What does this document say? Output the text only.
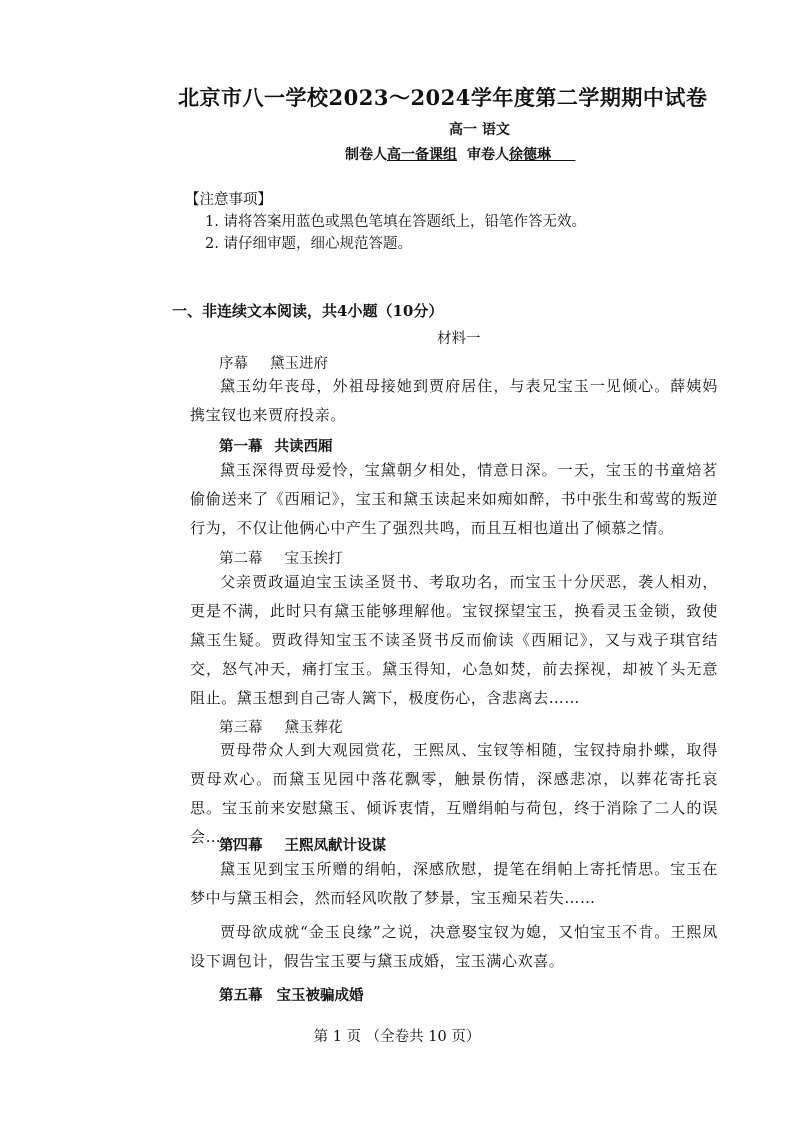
北京市八一学校2023～2024学年度第二学期期中试卷
高一 语文
制卷人高一备课组 审卷人徐德琳
【注意事项】
1. 请将答案用蓝色或黑色笔填在答题纸上，铅笔作答无效。
2. 请仔细审题，细心规范答题。
一、非连续文本阅读，共4小题（10分）
材料一
序幕 黛玉进府

黛玉幼年丧母，外祖母接她到贾府居住，与表兄宝玉一见倾心。薛姨妈携宝钗也来贾府投亲。

第一幕 共读西厢

黛玉深得贾母爱怜，宝黛朝夕相处，情意日深。一天，宝玉的书童焙茗偷偷送来了《西厢记》，宝玉和黛玉读起来如痴如醉，书中张生和莺莺的叛逆行为，不仅让他俩心中产生了强烈共鸣，而且互相也道出了倾慕之情。

第二幕 宝玉挨打

父亲贾政逼迫宝玉读圣贤书、考取功名，而宝玉十分厌恶，袭人相劝，更是不满，此时只有黛玉能够理解他。宝钗探望宝玉，换看灵玉金锁，致使黛玉生疑。贾政得知宝玉不读圣贤书反而偷读《西厢记》，又与戏子琪官结交，怒气冲天，痛打宝玉。黛玉得知，心急如焚，前去探视，却被丫头无意阻止。黛玉想到自己寄人篱下，极度伤心，含悲离去……

第三幕 黛玉葬花

贾母带众人到大观园赏花，王熙凤、宝钗等相随，宝钗持扇扑蝶，取得贾母欢心。而黛玉见园中落花飘零，触景伤情，深感悲凉，以葬花寄托哀思。宝玉前来安慰黛玉、倾诉衷情，互赠绢帕与荷包，终于消除了二人的误会……

第四幕 王熙凤献计设谋

黛玉见到宝玉所赠的绢帕，深感欣慰，提笔在绢帕上寄托情思。宝玉在梦中与黛玉相会，然而轻风吹散了梦景，宝玉痴呆若失……

贾母欲成就“金玉良缘”之说，决意娶宝钗为媳，又怕宝玉不肯。王熙凤设下调包计，假告宝玉要与黛玉成婚，宝玉满心欢喜。

第五幕 宝玉被骗成婚
第 1 页 （全卷共 10 页）
